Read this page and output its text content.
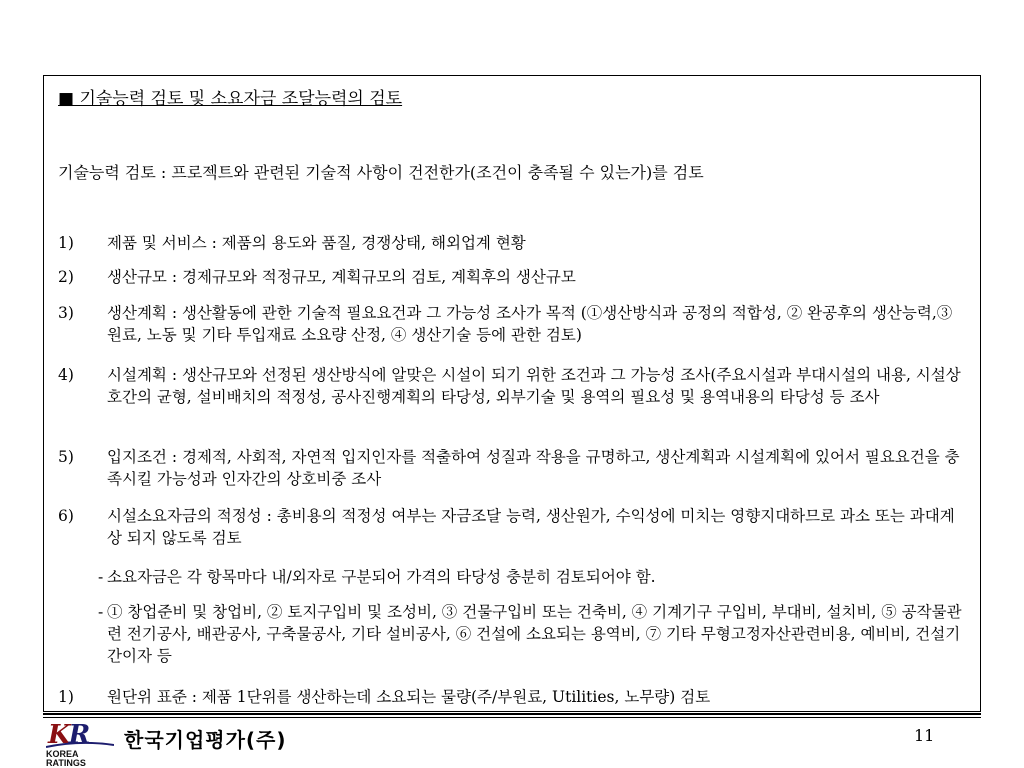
■ 기술능력 검토 및 소요자금 조달능력의 검토
기술능력 검토 : 프로젝트와 관련된 기술적 사항이 건전한가(조건이 충족될 수 있는가)를 검토
1) 제품 및 서비스 : 제품의 용도와 품질, 경쟁상태, 해외업계 현황
2) 생산규모 : 경제규모와 적정규모, 계획규모의 검토, 계획후의 생산규모
3) 생산계획 : 생산활동에 관한 기술적 필요요건과 그 가능성 조사가 목적 (①생산방식과 공정의 적합성, ② 완공후의 생산능력,③ 원료, 노동 및 기타 투입재료 소요량 산정, ④ 생산기술 등에 관한 검토)
4) 시설계획 : 생산규모와 선정된 생산방식에 알맞은 시설이 되기 위한 조건과 그 가능성 조사(주요시설과 부대시설의 내용, 시설상호간의 균형, 설비배치의 적정성, 공사진행계획의 타당성, 외부기술 및 용역의 필요성 및 용역내용의 타당성 등 조사
5) 입지조건 : 경제적, 사회적, 자연적 입지인자를 적출하여 성질과 작용을 규명하고, 생산계획과 시설계획에 있어서 필요요건을 충족시킬 가능성과 인자간의 상호비중 조사
6) 시설소요자금의 적정성 : 총비용의 적정성 여부는 자금조달 능력, 생산원가, 수익성에 미치는 영향지대하므로 과소 또는 과대계상 되지 않도록 검토
- 소요자금은 각 항목마다 내/외자로 구분되어 가격의 타당성 충분히 검토되어야 함.
- ① 창업준비 및 창업비, ② 토지구입비 및 조성비, ③ 건물구입비 또는 건축비, ④ 기계기구 구입비, 부대비, 설치비, ⑤ 공작물관련 전기공사, 배관공사, 구축물공사, 기타 설비공사, ⑥ 건설에 소요되는 용역비, ⑦ 기타 무형고정자산관련비용, 예비비, 건설기간이자 등
1) 원단위 표준 : 제품 1단위를 생산하는데 소요되는 물량(주/부원료, Utilities, 노무량) 검토
KR
KOREA
RATINGS
한국기업평가(주)	11
